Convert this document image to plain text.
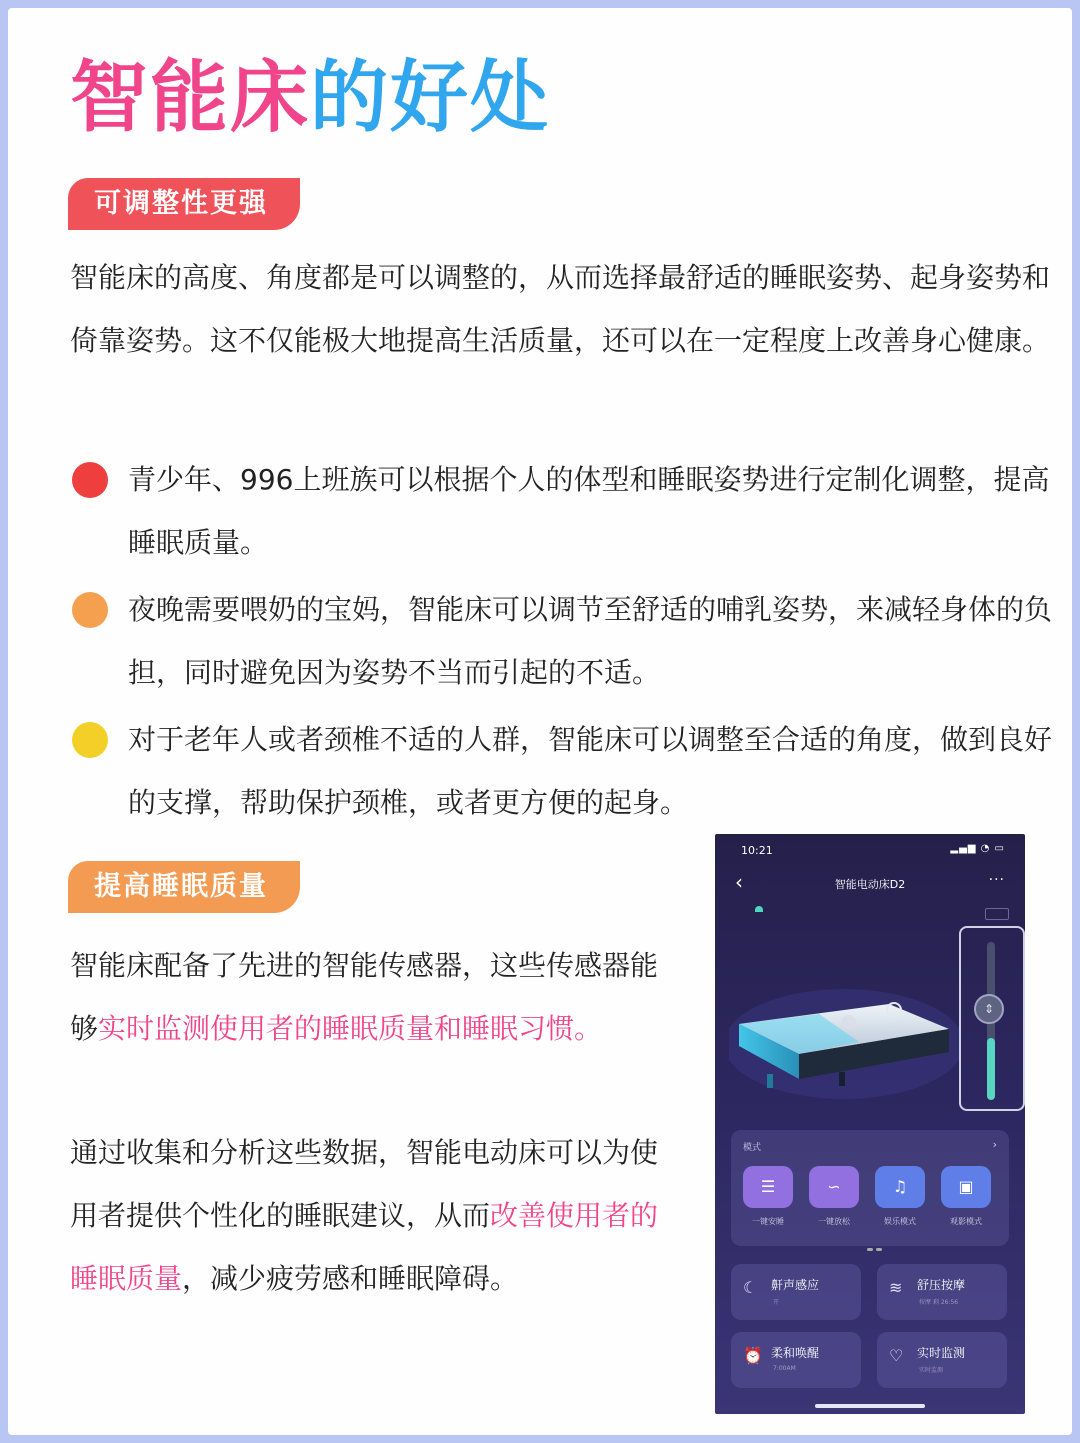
智能床的好处
可调整性更强
智能床的高度、角度都是可以调整的，从而选择最舒适的睡眠姿势、起身姿势和倚靠姿势。这不仅能极大地提高生活质量，还可以在一定程度上改善身心健康。
青少年、996上班族可以根据个人的体型和睡眠姿势进行定制化调整，提高睡眠质量。
夜晚需要喂奶的宝妈，智能床可以调节至舒适的哺乳姿势，来减轻身体的负担，同时避免因为姿势不当而引起的不适。
对于老年人或者颈椎不适的人群，智能床可以调整至合适的角度，做到良好的支撑，帮助保护颈椎，或者更方便的起身。
提高睡眠质量
智能床配备了先进的智能传感器，这些传感器能够实时监测使用者的睡眠质量和睡眠习惯。
通过收集和分析这些数据，智能电动床可以为使用者提供个性化的睡眠建议，从而改善使用者的睡眠质量，减少疲劳感和睡眠障碍。
10:21	▂▄▆ ◔ ▭
‹	智能电动床D2	···
⇕
模式	›
☰
一键安睡
∽
一键放松
♫
娱乐模式
▣
观影模式
☾ 鼾声感应
开
≋ 舒压按摩
按摩 剩 26:56
⏰ 柔和唤醒
7:00AM
♡ 实时监测
实时监测
